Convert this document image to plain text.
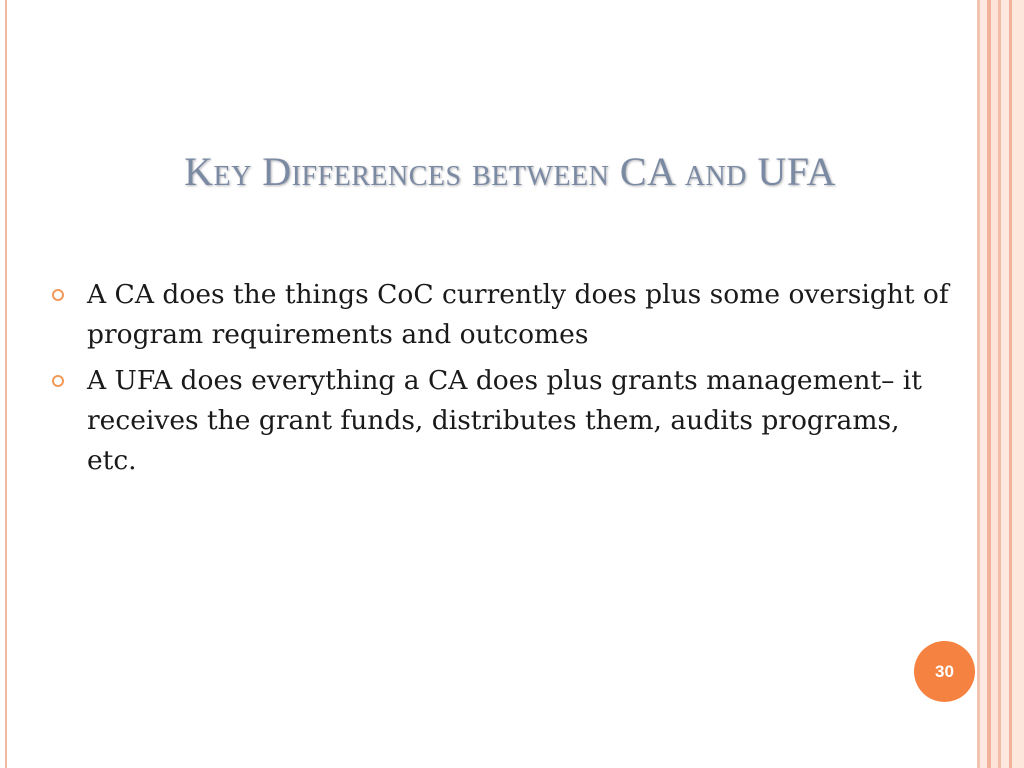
Key Differences between CA and UFA
A CA does the things CoC currently does plus some oversight of program requirements and outcomes
A UFA does everything a CA does plus grants management– it receives the grant funds, distributes them, audits programs, etc.
30
